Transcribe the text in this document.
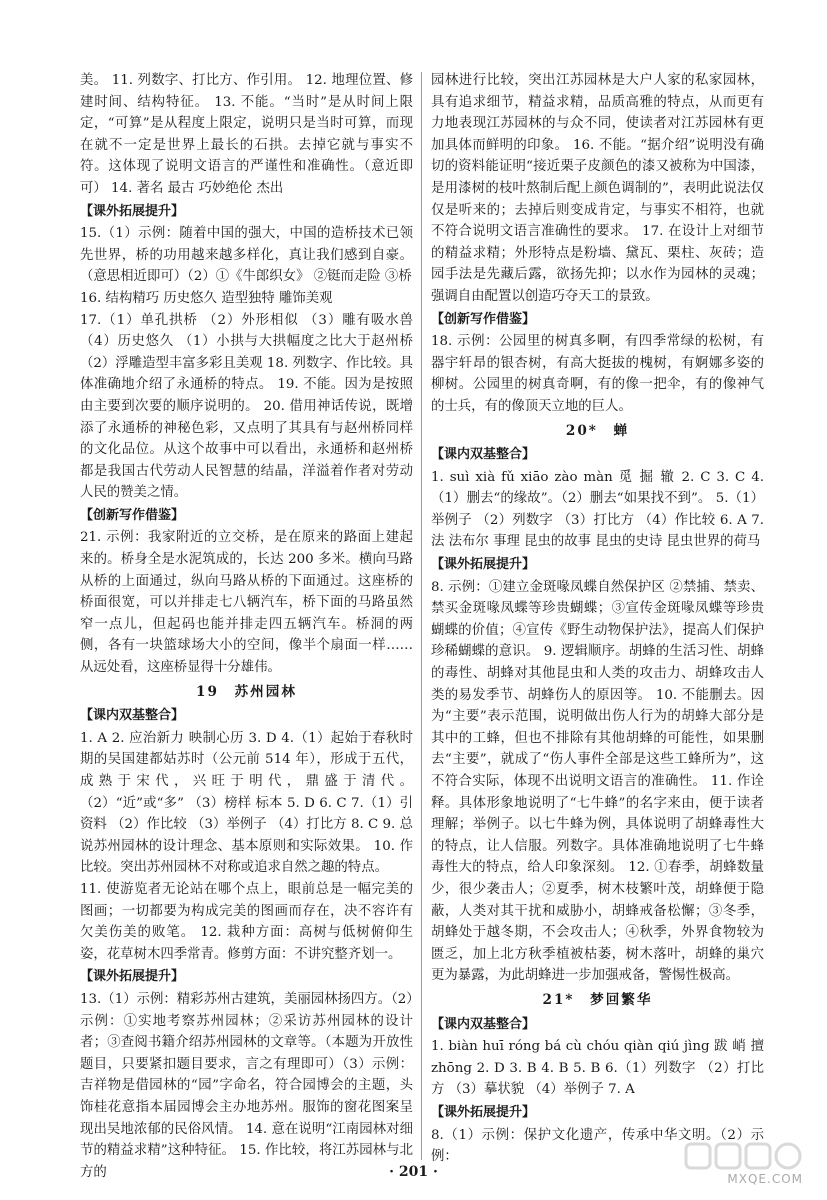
美。 11. 列数字、打比方、作引用。 12. 地理位置、修建时间、结构特征。 13. 不能。“当时”是从时间上限定，“可算”是从程度上限定，说明只是当时可算，而现在就不一定是世界上最长的石拱。去掉它就与事实不符。这体现了说明文语言的严谨性和准确性。（意近即可） 14. 著名 最古 巧妙绝伦 杰出

【课外拓展提升】

15.（1）示例：随着中国的强大，中国的造桥技术已领先世界，桥的功用越来越多样化，真让我们感到自豪。（意思相近即可）（2）①《牛郎织女》 ②铤而走险 ③桥

16. 结构精巧 历史悠久 造型独特 雕饰美观

17.（1）单孔拱桥 （2）外形相似 （3）雕有吸水兽 （4）历史悠久 （1）小拱与大拱幅度之比大于赵州桥 （2）浮雕造型丰富多彩且美观 18. 列数字、作比较。具体准确地介绍了永通桥的特点。 19. 不能。因为是按照由主要到次要的顺序说明的。 20. 借用神话传说，既增添了永通桥的神秘色彩，又点明了其具有与赵州桥同样的文化品位。从这个故事中可以看出，永通桥和赵州桥都是我国古代劳动人民智慧的结晶，洋溢着作者对劳动人民的赞美之情。

【创新写作借鉴】

21. 示例：我家附近的立交桥，是在原来的路面上建起来的。桥身全是水泥筑成的，长达 200 多米。横向马路从桥的上面通过，纵向马路从桥的下面通过。这座桥的桥面很宽，可以并排走七八辆汽车，桥下面的马路虽然窄一点儿，但起码也能并排走四五辆汽车。桥洞的两侧，各有一块篮球场大小的空间，像半个扇面一样……从远处看，这座桥显得十分雄伟。

19　苏州园林
【课内双基整合】

1. A 2. 应治新力 映制心历 3. D 4.（1）起始于春秋时期的吴国建都姑苏时（公元前 514 年），形成于五代，成熟于宋代，兴旺于明代，鼎盛于清代。（2）“近”或“多” （3）榜样 标本 5. D 6. C 7.（1）引资料 （2）作比较 （3）举例子 （4）打比方 8. C 9. 总说苏州园林的设计理念、基本原则和实际效果。 10. 作比较。突出苏州园林不对称或追求自然之趣的特点。

11. 使游览者无论站在哪个点上，眼前总是一幅完美的图画；一切都要为构成完美的图画而存在，决不容许有欠美伤美的败笔。 12. 栽种方面：高树与低树俯仰生姿，花草树木四季常青。修剪方面：不讲究整齐划一。

【课外拓展提升】

13.（1）示例：精彩苏州古建筑，美丽园林扬四方。（2）示例：①实地考察苏州园林；②采访苏州园林的设计者；③查阅书籍介绍苏州园林的文章等。（本题为开放性题目，只要紧扣题目要求，言之有理即可）（3）示例：吉祥物是借园林的“园”字命名，符合园博会的主题，头饰桂花意指本届园博会主办地苏州。服饰的窗花图案呈现出吴地浓郁的民俗风情。 14. 意在说明“江南园林对细节的精益求精”这种特征。 15. 作比较，将江苏园林与北方的

园林进行比较，突出江苏园林是大户人家的私家园林，具有追求细节，精益求精，品质高雅的特点，从而更有力地表现江苏园林的与众不同，使读者对江苏园林有更加具体而鲜明的印象。 16. 不能。“据介绍”说明没有确切的资料能证明“接近栗子皮颜色的漆又被称为中国漆，是用漆树的枝叶熬制后配上颜色调制的”，表明此说法仅仅是听来的；去掉后则变成肯定，与事实不相符，也就不符合说明文语言准确性的要求。 17. 在设计上对细节的精益求精；外形特点是粉墙、黛瓦、栗柱、灰砖；造园手法是先藏后露，欲扬先抑；以水作为园林的灵魂；强调自由配置以创造巧夺天工的景致。

【创新写作借鉴】

18. 示例：公园里的树真多啊，有四季常绿的松树，有器宇轩昂的银杏树，有高大挺拔的槐树，有婀娜多姿的柳树。公园里的树真奇啊，有的像一把伞，有的像神气的士兵，有的像顶天立地的巨人。

20*　蝉
【课内双基整合】

1. suì xià fǔ xiāo zào màn 觅 掘 辙 2. C 3. C 4.（1）删去“的缘故”。（2）删去“如果找不到”。 5.（1）举例子 （2）列数字 （3）打比方 （4）作比较 6. A 7. 法 法布尔 事理 昆虫的故事 昆虫的史诗 昆虫世界的荷马

【课外拓展提升】

8. 示例：①建立金斑喙凤蝶自然保护区 ②禁捕、禁卖、禁买金斑喙凤蝶等珍贵蝴蝶；③宣传金斑喙凤蝶等珍贵蝴蝶的价值；④宣传《野生动物保护法》，提高人们保护珍稀蝴蝶的意识。 9. 逻辑顺序。胡蜂的生活习性、胡蜂的毒性、胡蜂对其他昆虫和人类的攻击力、胡蜂攻击人类的易发季节、胡蜂伤人的原因等。 10. 不能删去。因为“主要”表示范围，说明做出伤人行为的胡蜂大部分是其中的工蜂，但也不排除有其他胡蜂的可能性，如果删去“主要”，就成了“伤人事件全部是这些工蜂所为”，这不符合实际，体现不出说明文语言的准确性。 11. 作诠释。具体形象地说明了“七牛蜂”的名字来由，便于读者理解；举例子。以七牛蜂为例，具体说明了胡蜂毒性大的特点，让人信服。列数字。具体准确地说明了七牛蜂毒性大的特点，给人印象深刻。 12. ①春季，胡蜂数量少，很少袭击人；②夏季，树木枝繁叶茂，胡蜂便于隐蔽，人类对其干扰和威胁小，胡蜂戒备松懈；③冬季，胡蜂处于越冬期，不会攻击人；④秋季，外界食物较为匮乏，加上北方秋季植被枯萎，树木落叶，胡蜂的巢穴更为暴露，为此胡蜂进一步加强戒备，警惕性极高。

21*　梦回繁华
【课内双基整合】

1. biàn huī róng bá cù chóu qiàn qiú jìng 跋 峭 擅 zhōng 2. D 3. B 4. B 5. B 6.（1）列数字 （2）打比方 （3）摹状貌 （4）举例子 7. A

【课外拓展提升】

8.（1）示例：保护文化遗产，传承中华文明。（2）示例：

· 201 ·	MXQE.COM
